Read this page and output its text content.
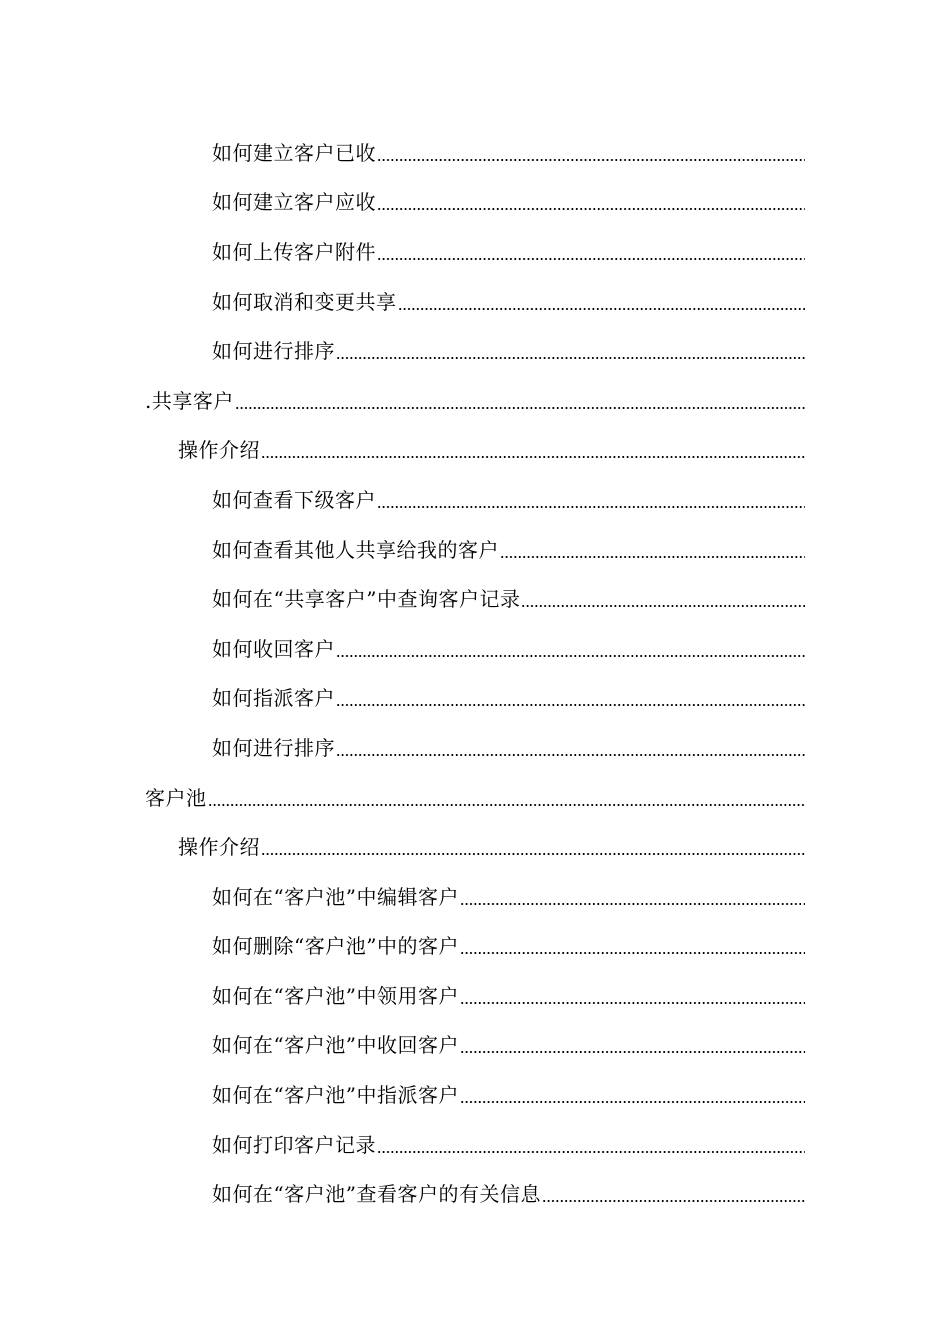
如何建立客户已收
如何建立客户应收
如何上传客户附件
如何取消和变更共享
如何进行排序
.共享客户
操作介绍
如何查看下级客户
如何查看其他人共享给我的客户
如何在“共享客户”中查询客户记录
如何收回客户
如何指派客户
如何进行排序
客户池
操作介绍
如何在“客户池”中编辑客户
如何删除“客户池”中的客户
如何在“客户池”中领用客户
如何在“客户池”中收回客户
如何在“客户池”中指派客户
如何打印客户记录
如何在“客户池”查看客户的有关信息
